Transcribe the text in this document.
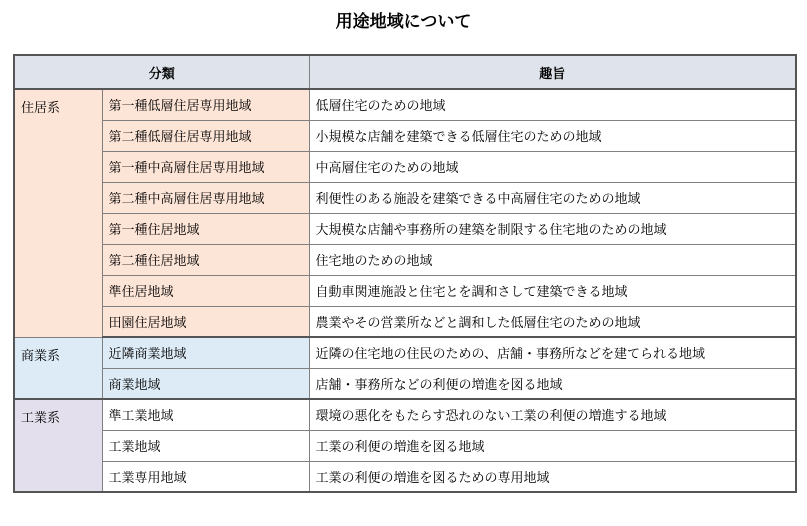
用途地域について
分類		趣旨
住居系	第一種低層住居専用地域	低層住宅のための地域
	第二種低層住居専用地域	小規模な店舗を建築できる低層住宅のための地域
	第一種中高層住居専用地域	中高層住宅のための地域
	第二種中高層住居専用地域	利便性のある施設を建築できる中高層住宅のための地域
	第一種住居地域	大規模な店舗や事務所の建築を制限する住宅地のための地域
	第二種住居地域	住宅地のための地域
	準住居地域	自動車関連施設と住宅とを調和さして建築できる地域
	田園住居地域	農業やその営業所などと調和した低層住宅のための地域
商業系	近隣商業地域	近隣の住宅地の住民のための、店舗・事務所などを建てられる地域
	商業地域	店舗・事務所などの利便の増進を図る地域
工業系	準工業地域	環境の悪化をもたらす恐れのない工業の利便の増進する地域
	工業地域	工業の利便の増進を図る地域
	工業専用地域	工業の利便の増進を図るための専用地域
